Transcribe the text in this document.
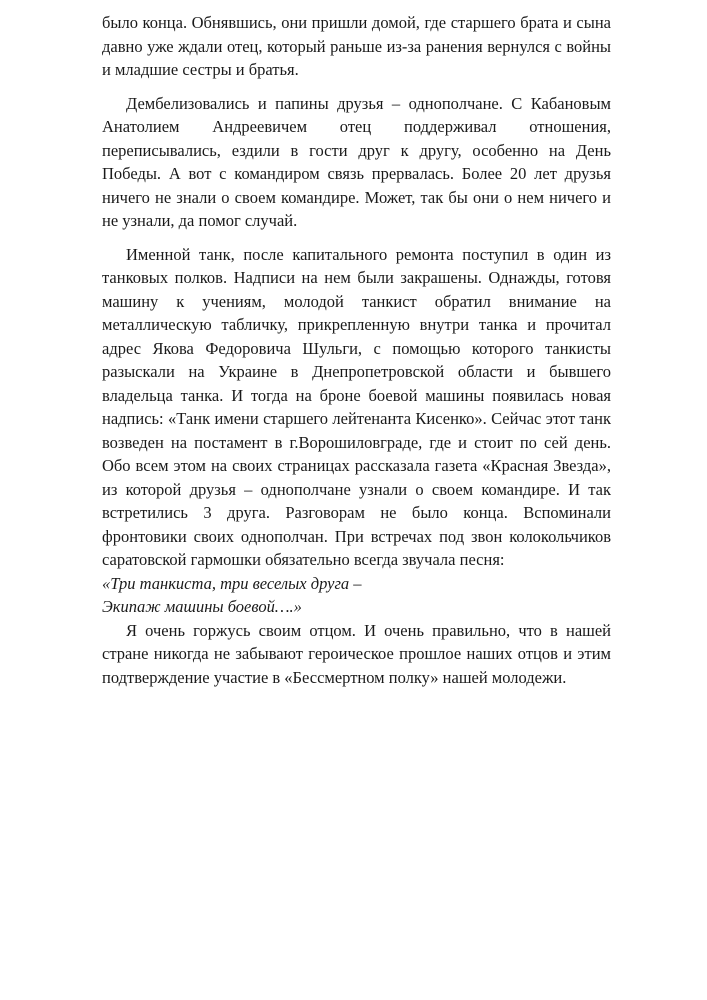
было конца. Обнявшись, они пришли домой, где старшего брата и сына давно уже ждали отец, который раньше из-за ранения вернулся с войны и младшие сестры и братья.

Дембелизовались и папины друзья – однополчане. С Кабановым Анатолием Андреевичем отец поддерживал отношения, переписывались, ездили в гости друг к другу, особенно на День Победы. А вот с командиром связь прервалась. Более 20 лет друзья ничего не знали о своем командире. Может, так бы они о нем ничего и не узнали, да помог случай.

Именной танк, после капитального ремонта поступил в один из танковых полков. Надписи на нем были закрашены. Однажды, готовя машину к учениям, молодой танкист обратил внимание на металлическую табличку, прикрепленную внутри танка и прочитал адрес Якова Федоровича Шульги, с помощью которого танкисты разыскали на Украине в Днепропетровской области и бывшего владельца танка. И тогда на броне боевой машины появилась новая надпись: «Танк имени старшего лейтенанта Кисенко». Сейчас этот танк возведен на постамент в г.Ворошиловграде, где и стоит по сей день. Обо всем этом на своих страницах рассказала газета «Красная Звезда», из которой друзья – однополчане узнали о своем командире. И так встретились 3 друга. Разговорам не было конца. Вспоминали фронтовики своих однополчан. При встречах под звон колокольчиков саратовской гармошки обязательно всегда звучала песня:

«Три танкиста, три веселых друга –

Экипаж машины боевой….»

Я очень горжусь своим отцом. И очень правильно, что в нашей стране никогда не забывают героическое прошлое наших отцов и этим подтверждение участие в «Бессмертном полку» нашей молодежи.
